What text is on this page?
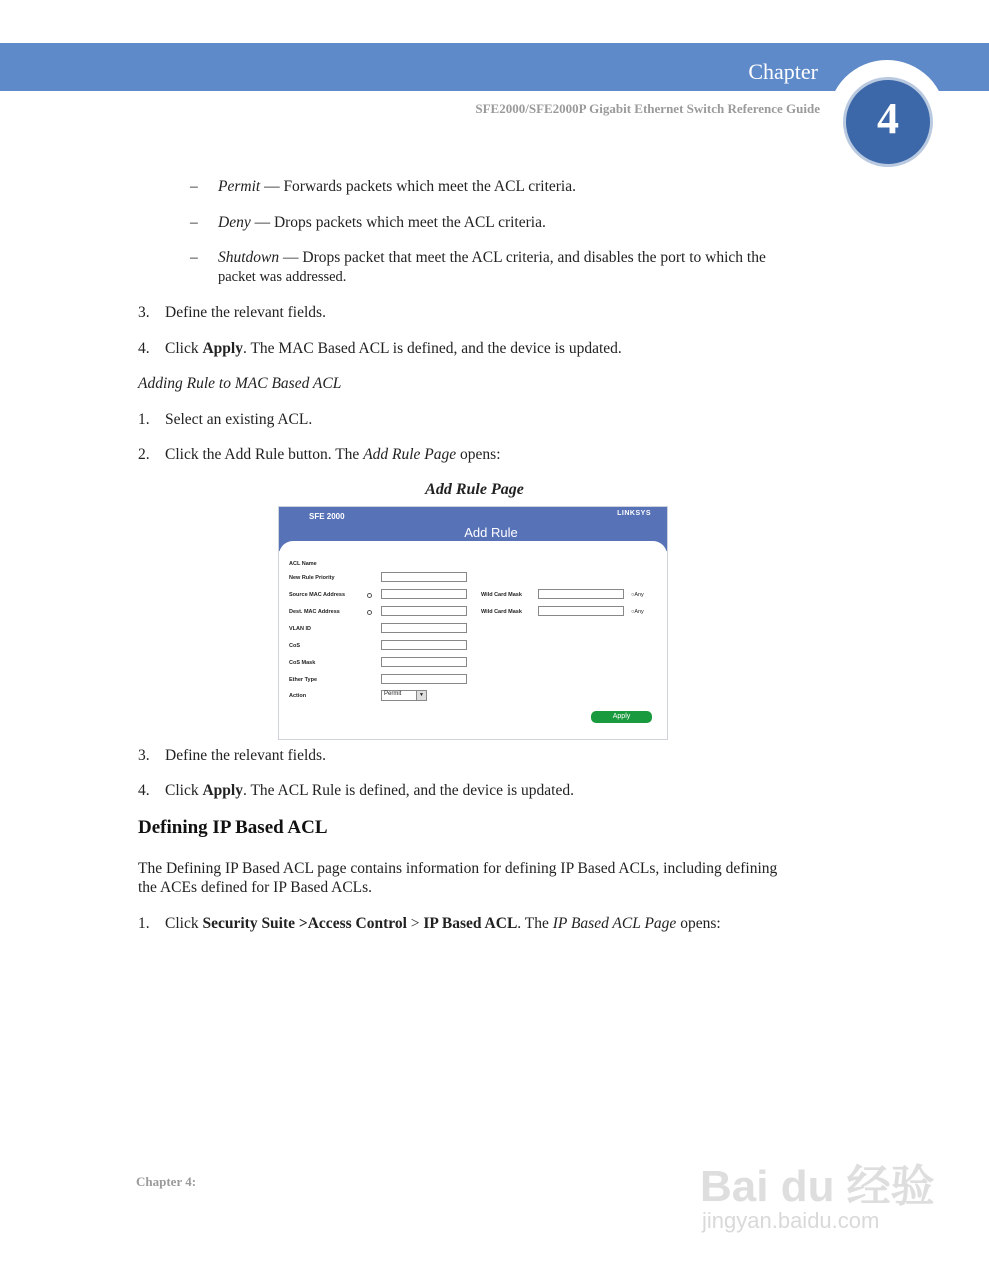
Chapter
SFE2000/SFE2000P Gigabit Ethernet Switch Reference Guide	4
– Permit — Forwards packets which meet the ACL criteria.
– Deny — Drops packets which meet the ACL criteria.
– Shutdown — Drops packet that meet the ACL criteria, and disables the port to which the
packet was addressed.
3. Define the relevant fields.
4. Click Apply. The MAC Based ACL is defined, and the device is updated.
Adding Rule to MAC Based ACL
1. Select an existing ACL.
2. Click the Add Rule button. The Add Rule Page opens:
Add Rule Page
SFE 2000	LINKSYS
Add Rule
ACL Name
New Rule Priority
Source MAC Address	Wild Card Mask	○Any
Dest. MAC Address	Wild Card Mask	○Any
VLAN ID
CoS
CoS Mask
Ether Type
Action	Permit	▼
Apply
3. Define the relevant fields.
4. Click Apply. The ACL Rule is defined, and the device is updated.
Defining IP Based ACL
The Defining IP Based ACL page contains information for defining IP Based ACLs, including defining
the ACEs defined for IP Based ACLs.
1. Click Security Suite >Access Control > IP Based ACL. The IP Based ACL Page opens:
Chapter 4:	Bai du 经验
jingyan.baidu.com
